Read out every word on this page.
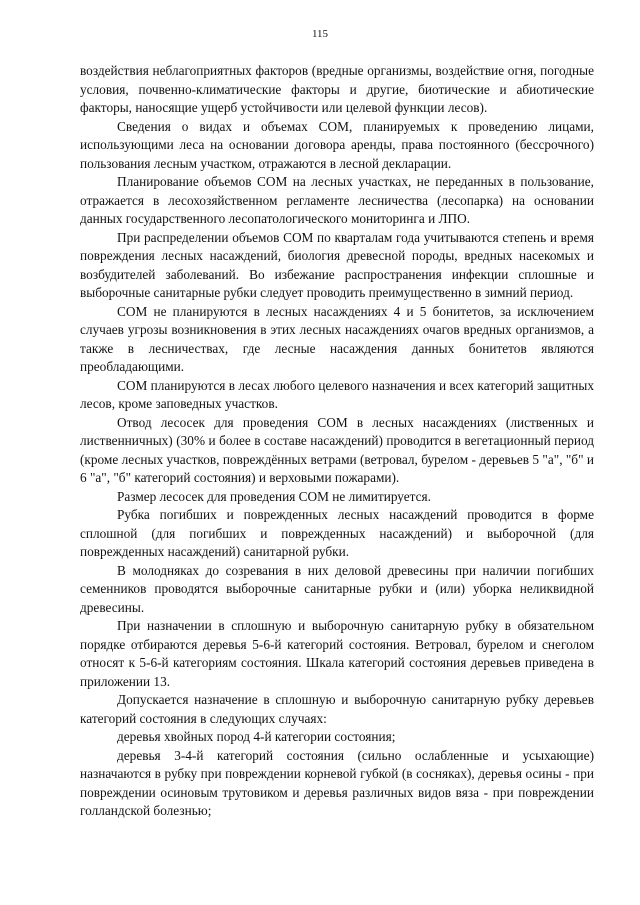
115

воздействия неблагоприятных факторов (вредные организмы, воздействие огня, погодные условия, почвенно-климатические факторы и другие, биотические и абиотические факторы, наносящие ущерб устойчивости или целевой функции лесов).

Сведения о видах и объемах СОМ, планируемых к проведению лицами, использующими леса на основании договора аренды, права постоянного (бессрочного) пользования лесным участком, отражаются в лесной декларации.

Планирование объемов СОМ на лесных участках, не переданных в пользование, отражается в лесохозяйственном регламенте лесничества (лесопарка) на основании данных государственного лесопатологического мониторинга и ЛПО.

При распределении объемов СОМ по кварталам года учитываются степень и время повреждения лесных насаждений, биология древесной породы, вредных насекомых и возбудителей заболеваний. Во избежание распространения инфекции сплошные и выборочные санитарные рубки следует проводить преимущественно в зимний период.

СОМ не планируются в лесных насаждениях 4 и 5 бонитетов, за исключением случаев угрозы возникновения в этих лесных насаждениях очагов вредных организмов, а также в лесничествах, где лесные насаждения данных бонитетов являются преобладающими.

СОМ планируются в лесах любого целевого назначения и всех категорий защитных лесов, кроме заповедных участков.

Отвод лесосек для проведения СОМ в лесных насаждениях (лиственных и лиственничных) (30% и более в составе насаждений) проводится в вегетационный период (кроме лесных участков, повреждённых ветрами (ветровал, бурелом - деревьев 5 "а", "б" и 6 "а", "б" категорий состояния) и верховыми пожарами).

Размер лесосек для проведения СОМ не лимитируется.

Рубка погибших и поврежденных лесных насаждений проводится в форме сплошной (для погибших и поврежденных насаждений) и выборочной (для поврежденных насаждений) санитарной рубки.

В молодняках до созревания в них деловой древесины при наличии погибших семенников проводятся выборочные санитарные рубки и (или) уборка неликвидной древесины.

При назначении в сплошную и выборочную санитарную рубку в обязательном порядке отбираются деревья 5-6-й категорий состояния. Ветровал, бурелом и снеголом относят к 5-6-й категориям состояния. Шкала категорий состояния деревьев приведена в приложении 13.

Допускается назначение в сплошную и выборочную санитарную рубку деревьев категорий состояния в следующих случаях:

деревья хвойных пород 4-й категории состояния;

деревья 3-4-й категорий состояния (сильно ослабленные и усыхающие) назначаются в рубку при повреждении корневой губкой (в сосняках), деревья осины - при повреждении осиновым трутовиком и деревья различных видов вяза - при повреждении голландской болезнью;
